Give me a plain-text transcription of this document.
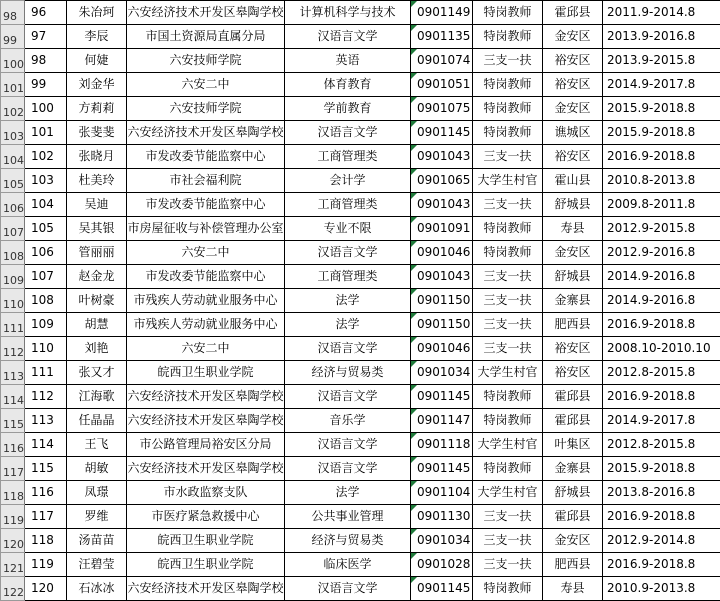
98	96	朱冶珂	六安经济技术开发区皋陶学校	计算机科学与技术	0901149	特岗教师	霍邱县	2011.9-2014.8
99	97	李辰	市国土资源局直属分局	汉语言文学	0901135	特岗教师	金安区	2013.9-2016.8
100	98	何婕	六安技师学院	英语	0901074	三支一扶	裕安区	2013.9-2015.8
101	99	刘金华	六安二中	体育教育	0901051	特岗教师	裕安区	2014.9-2017.8
102	100	方莉莉	六安技师学院	学前教育	0901075	特岗教师	金安区	2015.9-2018.8
103	101	张斐斐	六安经济技术开发区皋陶学校	汉语言文学	0901145	特岗教师	谯城区	2015.9-2018.8
104	102	张晓月	市发改委节能监察中心	工商管理类	0901043	三支一扶	裕安区	2016.9-2018.8
105	103	杜美玲	市社会福利院	会计学	0901065	大学生村官	霍山县	2010.8-2013.8
106	104	吴迪	市发改委节能监察中心	工商管理类	0901043	三支一扶	舒城县	2009.8-2011.8
107	105	吴其银	市房屋征收与补偿管理办公室	专业不限	0901091	特岗教师	寿县	2012.9-2015.8
108	106	管丽丽	六安二中	汉语言文学	0901046	特岗教师	金安区	2012.9-2016.8
109	107	赵金龙	市发改委节能监察中心	工商管理类	0901043	三支一扶	舒城县	2014.9-2016.8
110	108	叶树豪	市残疾人劳动就业服务中心	法学	0901150	三支一扶	金寨县	2014.9-2016.8
111	109	胡慧	市残疾人劳动就业服务中心	法学	0901150	三支一扶	肥西县	2016.9-2018.8
112	110	刘艳	六安二中	汉语言文学	0901046	三支一扶	裕安区	2008.10-2010.10
113	111	张又才	皖西卫生职业学院	经济与贸易类	0901034	大学生村官	裕安区	2012.8-2015.8
114	112	江海歌	六安经济技术开发区皋陶学校	汉语言文学	0901145	特岗教师	霍邱县	2016.9-2018.8
115	113	任晶晶	六安经济技术开发区皋陶学校	音乐学	0901147	特岗教师	霍邱县	2014.9-2017.8
116	114	王飞	市公路管理局裕安区分局	汉语言文学	0901118	大学生村官	叶集区	2012.8-2015.8
117	115	胡敏	六安经济技术开发区皋陶学校	汉语言文学	0901145	特岗教师	金寨县	2015.9-2018.8
118	116	凤璟	市水政监察支队	法学	0901104	大学生村官	舒城县	2013.8-2016.8
119	117	罗维	市医疗紧急救援中心	公共事业管理	0901130	三支一扶	霍邱县	2016.9-2018.8
120	118	汤苗苗	皖西卫生职业学院	经济与贸易类	0901034	三支一扶	金安区	2012.9-2014.8
121	119	汪碧莹	皖西卫生职业学院	临床医学	0901028	三支一扶	肥西县	2016.9-2018.8
122	120	石冰冰	六安经济技术开发区皋陶学校	汉语言文学	0901145	特岗教师	寿县	2010.9-2013.8
